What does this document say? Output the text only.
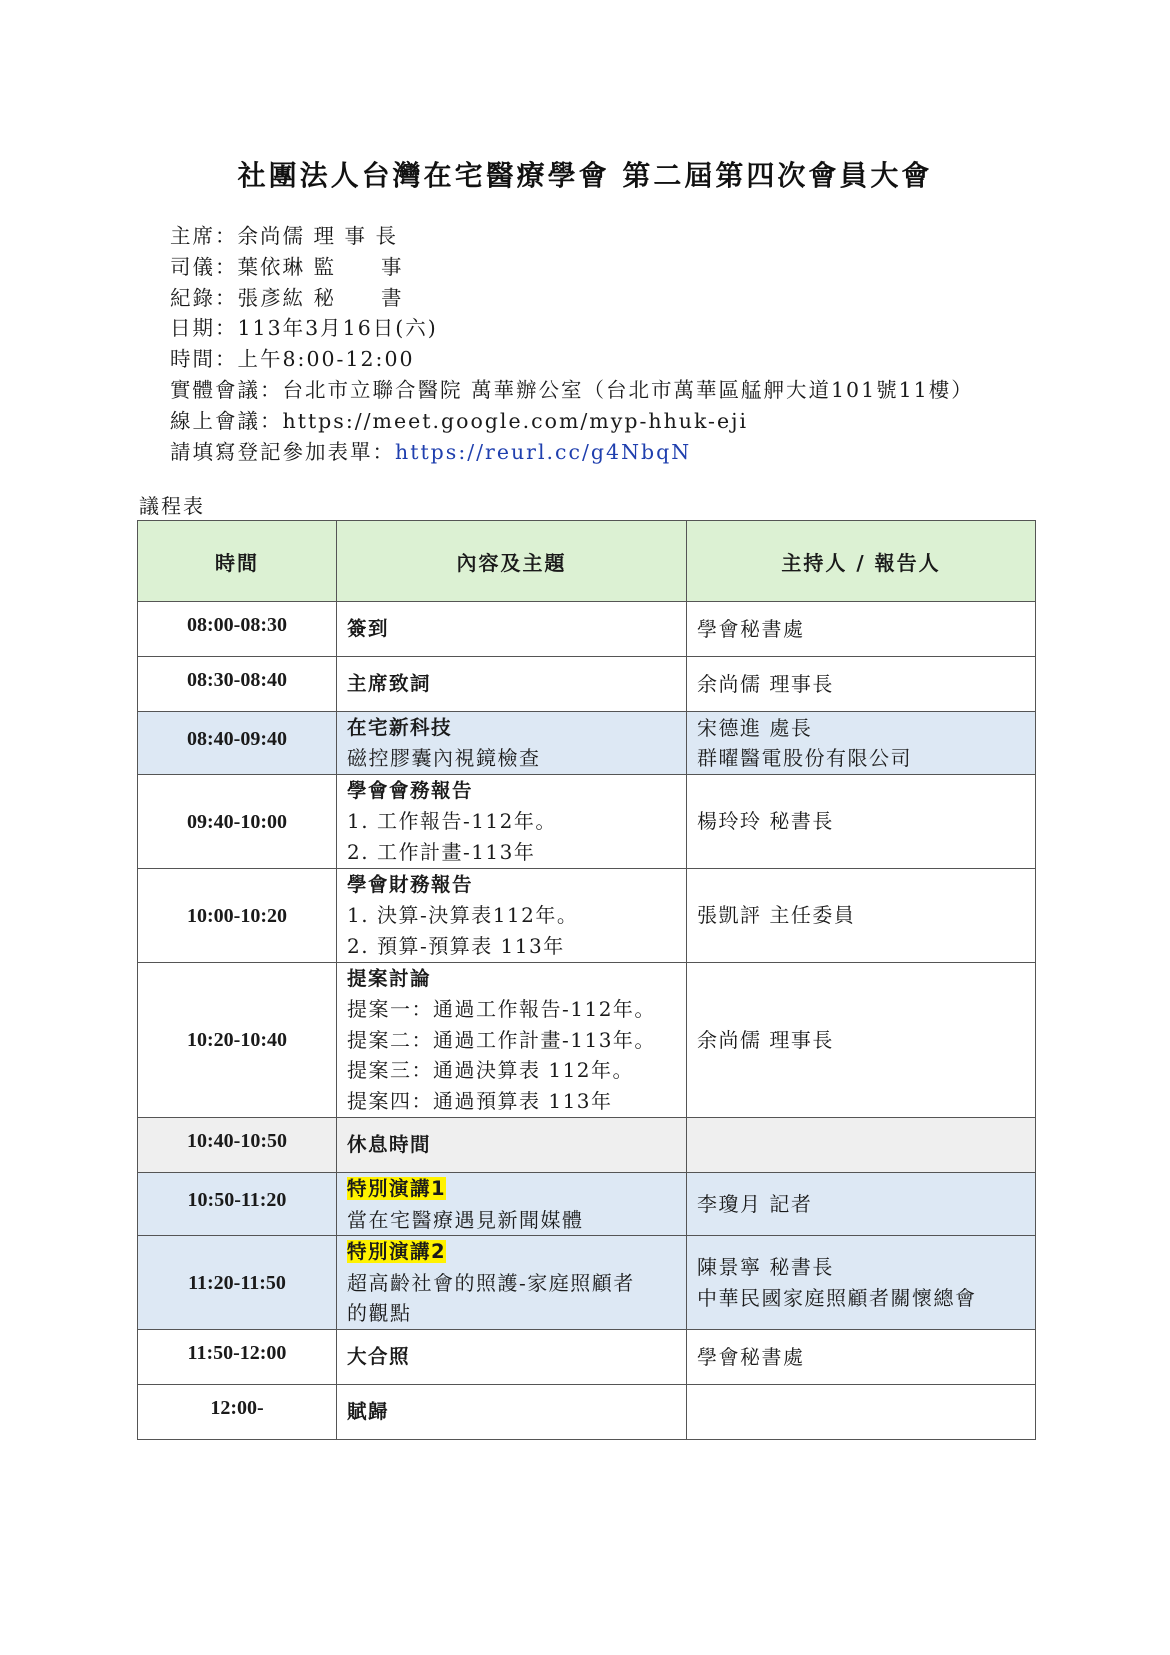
社團法人台灣在宅醫療學會 第二屆第四次會員大會
主席：余尚儒 理 事 長
司儀：葉依琳 監　　事
紀錄：張彥紘 秘　　書
日期：113年3月16日(六)
時間：上午8:00-12:00
實體會議：台北市立聯合醫院 萬華辦公室（台北市萬華區艋舺大道101號11樓）
線上會議：https://meet.google.com/myp-hhuk-eji
請填寫登記參加表單：https://reurl.cc/g4NbqN
議程表
時間	內容及主題	主持人 / 報告人
08:00-08:30	簽到	學會秘書處

08:30-08:40	主席致詞	余尚儒 理事長

08:40-09:40	在宅新科技
磁控膠囊內視鏡檢查	宋德進 處長
群曜醫電股份有限公司

09:40-10:00	學會會務報告
1. 工作報告-112年。
2. 工作計畫-113年	楊玲玲 秘書長

10:00-10:20	學會財務報告
1. 決算-決算表112年。
2. 預算-預算表 113年	張凱評 主任委員

10:20-10:40	提案討論
提案一：通過工作報告-112年。
提案二：通過工作計畫-113年。
提案三：通過決算表 112年。
提案四：通過預算表 113年	余尚儒 理事長

10:40-10:50	休息時間	

10:50-11:20	特別演講1
當在宅醫療遇見新聞媒體	李瓊月 記者

11:20-11:50	特別演講2
超高齡社會的照護-家庭照顧者
的觀點	陳景寧 秘書長
中華民國家庭照顧者關懷總會

11:50-12:00	大合照	學會秘書處

12:00-	賦歸	
